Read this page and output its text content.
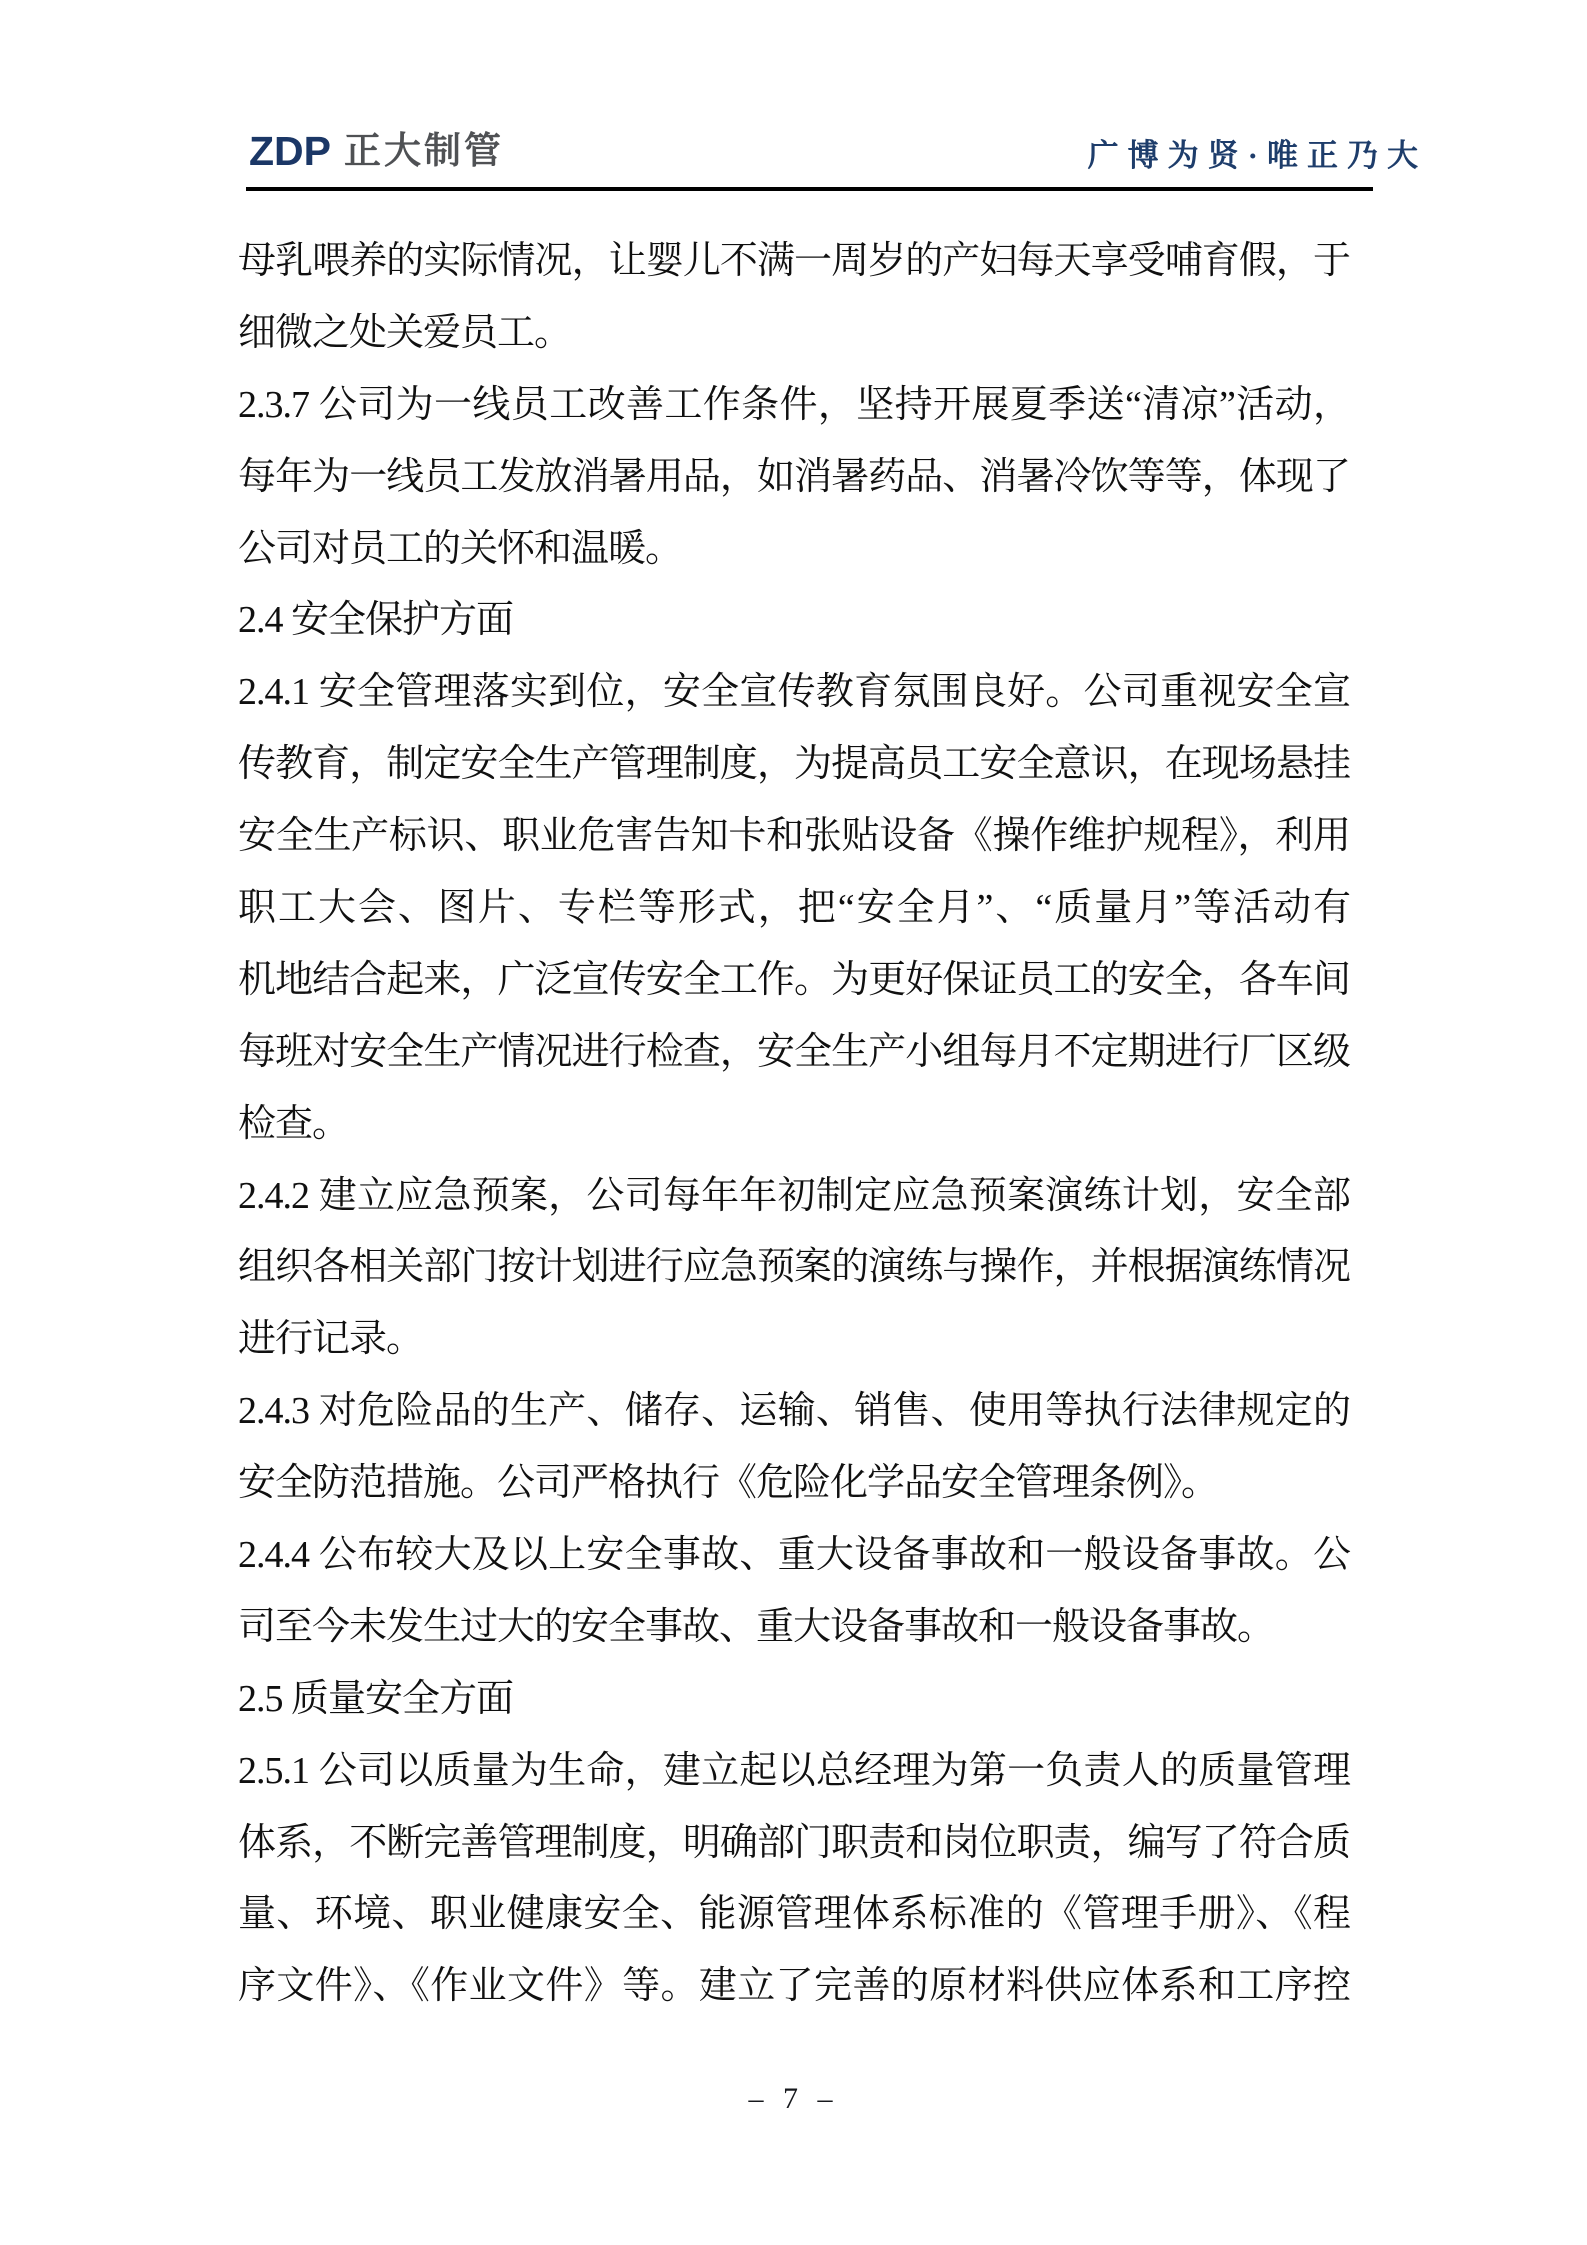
ZDP 正大制管	广博为贤·唯正乃大

母乳喂养的实际情况，让婴儿不满一周岁的产妇每天享受哺育假，于

细微之处关爱员工。

2.3.7 公司为一线员工改善工作条件，坚持开展夏季送“清凉”活动，

每年为一线员工发放消暑用品，如消暑药品、消暑冷饮等等，体现了

公司对员工的关怀和温暖。

2.4 安全保护方面

2.4.1 安全管理落实到位，安全宣传教育氛围良好。公司重视安全宣

传教育，制定安全生产管理制度，为提高员工安全意识，在现场悬挂

安全生产标识、职业危害告知卡和张贴设备《操作维护规程》，利用

职工大会、图片、专栏等形式，把“安全月”、“质量月”等活动有

机地结合起来，广泛宣传安全工作。为更好保证员工的安全，各车间

每班对安全生产情况进行检查，安全生产小组每月不定期进行厂区级

检查。

2.4.2 建立应急预案，公司每年年初制定应急预案演练计划，安全部

组织各相关部门按计划进行应急预案的演练与操作，并根据演练情况

进行记录。

2.4.3 对危险品的生产、储存、运输、销售、使用等执行法律规定的

安全防范措施。公司严格执行《危险化学品安全管理条例》。

2.4.4 公布较大及以上安全事故、重大设备事故和一般设备事故。公

司至今未发生过大的安全事故、重大设备事故和一般设备事故。

2.5 质量安全方面

2.5.1 公司以质量为生命，建立起以总经理为第一负责人的质量管理

体系，不断完善管理制度，明确部门职责和岗位职责，编写了符合质

量、环境、职业健康安全、能源管理体系标准的《管理手册》、《程

序文件》、《作业文件》等。建立了完善的原材料供应体系和工序控

– 7 –
